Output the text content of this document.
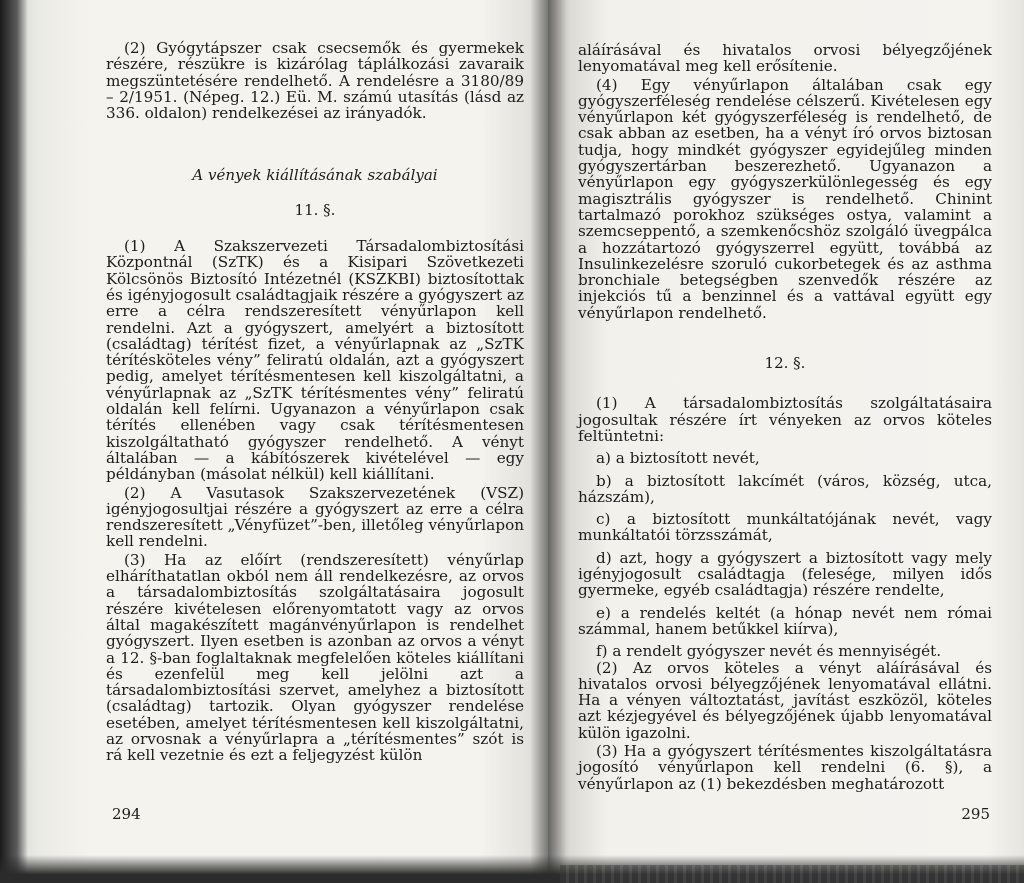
(2) Gyógytápszer csak csecsemők és gyermekek részére, részükre is kizárólag táplálkozási zavaraik megszüntetésére rendelhető. A rendelésre a 3180/89 – 2/1951. (Népeg. 12.) Eü. M. számú utasítás (lásd az 336. oldalon) rendelkezései az irányadók.

A vények kiállításának szabályai

11. §.

(1) A Szakszervezeti Társadalombiztosítási Központnál (SzTK) és a Kisipari Szövetkezeti Kölcsönös Biztosító Intézetnél (KSZKBI) biztosítottak és igényjogosult családtagjaik részére a gyógyszert az erre a célra rendszeresített vényűrlapon kell rendelni. Azt a gyógyszert, amelyért a biztosított (családtag) térítést fizet, a vényűrlapnak az „SzTK térítésköteles vény” feliratú oldalán, azt a gyógyszert pedig, amelyet térítésmentesen kell kiszolgáltatni, a vényűrlapnak az „SzTK térítésmentes vény” feliratú oldalán kell felírni. Ugyanazon a vényűrlapon csak térítés ellenében vagy csak térítésmentesen kiszolgáltatható gyógyszer rendelhető. A vényt általában — a kábítószerek kivételével — egy példányban (másolat nélkül) kell kiállítani.

(2) A Vasutasok Szakszervezetének (VSZ) igényjogosultjai részére a gyógyszert az erre a célra rendszeresített „Vényfüzet”-ben, illetőleg vényűrlapon kell rendelni.

(3) Ha az előírt (rendszeresített) vényűrlap elháríthatatlan okból nem áll rendelkezésre, az orvos a társadalombiztosítás szolgáltatásaira jogosult részére kivételesen előrenyomtatott vagy az orvos által magakészített magánvényűrlapon is rendelhet gyógyszert. Ilyen esetben is azonban az orvos a vényt a 12. §-ban foglaltaknak megfelelően köteles kiállítani és ezenfelül meg kell jelölni azt a társadalombiztosítási szervet, amelyhez a biztosított (családtag) tartozik. Olyan gyógyszer rendelése esetében, amelyet térítésmentesen kell kiszolgáltatni, az orvosnak a vényűrlapra a „térítésmentes” szót is rá kell vezetnie és ezt a feljegyzést külön

294

aláírásával és hivatalos orvosi bélyegzőjének lenyomatával meg kell erősítenie.

(4) Egy vényűrlapon általában csak egy gyógyszerféleség rendelése célszerű. Kivételesen egy vényűrlapon két gyógyszerféleség is rendelhető, de csak abban az esetben, ha a vényt író orvos biztosan tudja, hogy mindkét gyógyszer egyidejűleg minden gyógyszertárban beszerezhető. Ugyanazon a vényűrlapon egy gyógyszerkülönlegesség és egy magisztrális gyógyszer is rendelhető. Chinint tartalmazó porokhoz szükséges ostya, valamint a szemcseppentő, a szemkenőcshöz szolgáló üvegpálca a hozzátartozó gyógyszerrel együtt, továbbá az Insulinkezelésre szoruló cukorbetegek és az asthma bronchiale betegségben szenvedők részére az injekciós tű a benzinnel és a vattával együtt egy vényűrlapon rendelhető.

12. §.

(1) A társadalombiztosítás szolgáltatásaira jogosultak részére írt vényeken az orvos köteles feltüntetni:

a) a biztosított nevét,

b) a biztosított lakcímét (város, község, utca, házszám),

c) a biztosított munkáltatójának nevét, vagy munkáltatói törzsszámát,

d) azt, hogy a gyógyszert a biztosított vagy mely igényjogosult családtagja (felesége, milyen idős gyermeke, egyéb családtagja) részére rendelte,

e) a rendelés keltét (a hónap nevét nem római számmal, hanem betűkkel kiírva),

f) a rendelt gyógyszer nevét és mennyiségét.

(2) Az orvos köteles a vényt aláírásával és hivatalos orvosi bélyegzőjének lenyomatával ellátni. Ha a vényen változtatást, javítást eszközöl, köteles azt kézjegyével és bélyegzőjének újabb lenyomatával külön igazolni.

(3) Ha a gyógyszert térítésmentes kiszolgáltatásra jogosító vényűrlapon kell rendelni (6. §), a vényűrlapon az (1) bekezdésben meghatározott

295
